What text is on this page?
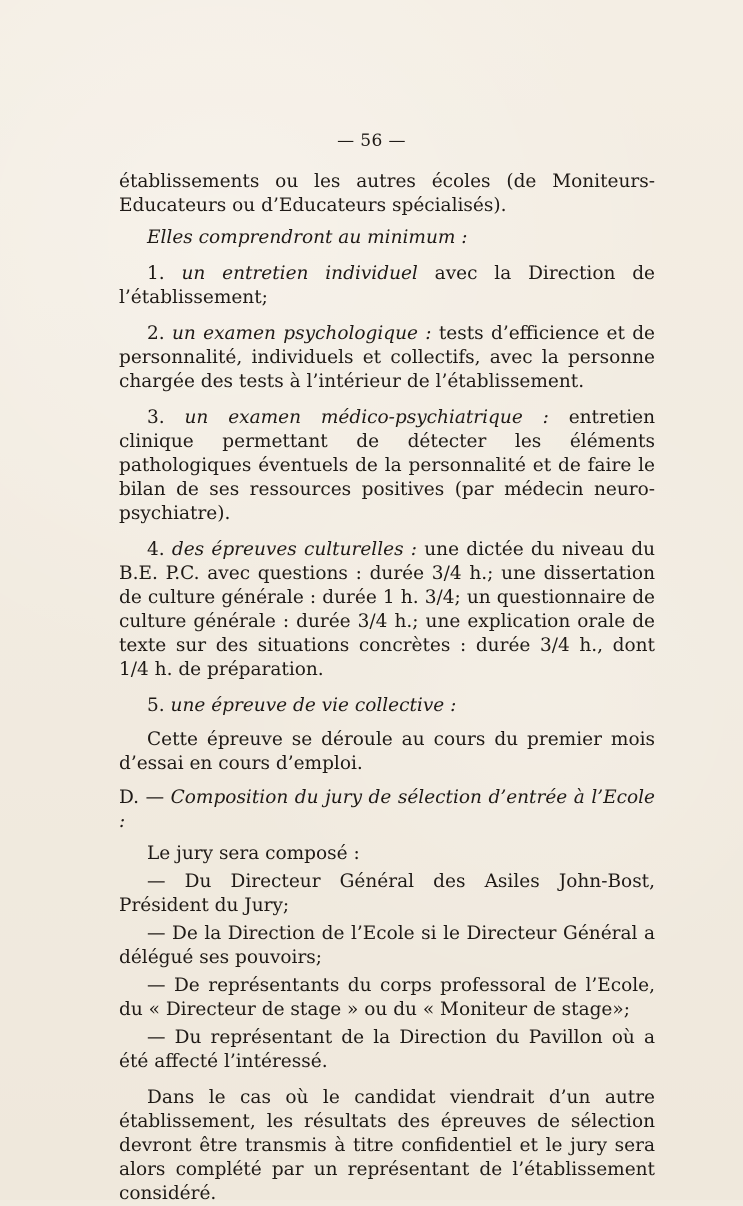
— 56 —

établissements ou les autres écoles (de Moniteurs-Educateurs ou d’Educateurs spécialisés).

Elles comprendront au minimum :

1. un entretien individuel avec la Direction de l’établissement;

2. un examen psychologique : tests d’efficience et de personnalité, individuels et collectifs, avec la personne chargée des tests à l’intérieur de l’établissement.

3. un examen médico-psychiatrique : entretien clinique permettant de détecter les éléments pathologiques éventuels de la personnalité et de faire le bilan de ses ressources positives (par médecin neuro-psychiatre).

4. des épreuves culturelles : une dictée du niveau du B.E. P.C. avec questions : durée 3/4 h.; une dissertation de culture générale : durée 1 h. 3/4; un questionnaire de culture générale : durée 3/4 h.; une explication orale de texte sur des situations concrètes : durée 3/4 h., dont 1/4 h. de préparation.

5. une épreuve de vie collective :

Cette épreuve se déroule au cours du premier mois d’essai en cours d’emploi.

D. — Composition du jury de sélection d’entrée à l’Ecole :

Le jury sera composé :

— Du Directeur Général des Asiles John-Bost, Président du Jury;

— De la Direction de l’Ecole si le Directeur Général a délégué ses pouvoirs;

— De représentants du corps professoral de l’Ecole, du « Directeur de stage » ou du « Moniteur de stage»;

— Du représentant de la Direction du Pavillon où a été affecté l’intéressé.

Dans le cas où le candidat viendrait d’un autre établissement, les résultats des épreuves de sélection devront être transmis à titre confidentiel et le jury sera alors complété par un représentant de l’établissement considéré.
